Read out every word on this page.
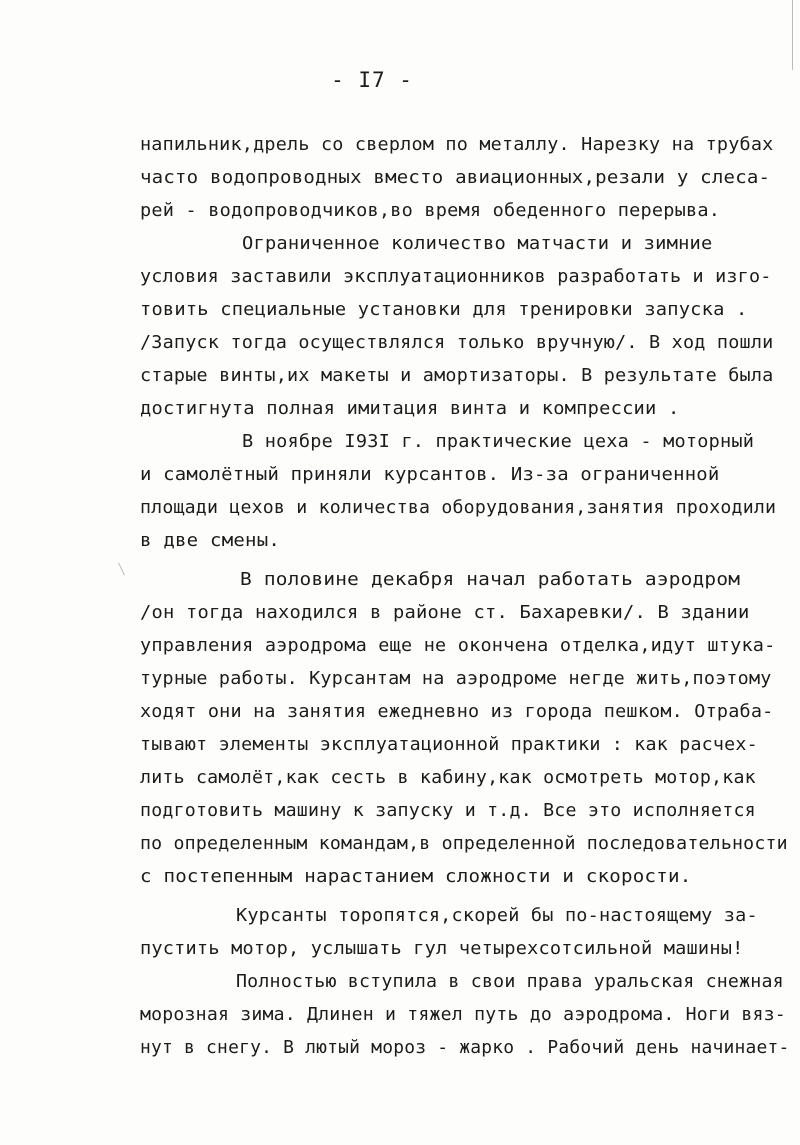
- I7 -
напильник,дрель со сверлом по металлу. Нарезку на трубах
часто водопроводных вместо авиационных,резали у слеса-
рей - водопроводчиков,во время обеденного перерыва.
Ограниченное количество матчасти и зимние
условия заставили эксплуатационников разработать и изго-
товить специальные установки для тренировки запуска .
/Запуск тогда осуществлялся только вручную/. В ход пошли
старые винты,их макеты и амортизаторы. В результате была
достигнута полная имитация винта и компрессии .
В ноябре I93I г. практические цеха - моторный
и самолётный приняли курсантов. Из-за ограниченной
площади цехов и количества оборудования,занятия проходили
в две смены.
В половине декабря начал работать аэродром
/он тогда находился в районе ст. Бахаревки/. В здании
управления аэродрома еще не окончена отделка,идут штука-
турные работы. Курсантам на аэродроме негде жить,поэтому
ходят они на занятия ежедневно из города пешком. Отраба-
тывают элементы эксплуатационной практики : как расчех-
лить самолёт,как сесть в кабину,как осмотреть мотор,как
подготовить машину к запуску и т.д. Все это исполняется
по определенным командам,в определенной последовательности
с постепенным нарастанием сложности и скорости.
Курсанты торопятся,скорей бы по-настоящему за-
пустить мотор, услышать гул четырехсотсильной машины!
Полностью вступила в свои права уральская снежная
морозная зима. Длинен и тяжел путь до аэродрома. Ноги вяз-
нут в снегу. В лютый мороз - жарко . Рабочий день начинает-
